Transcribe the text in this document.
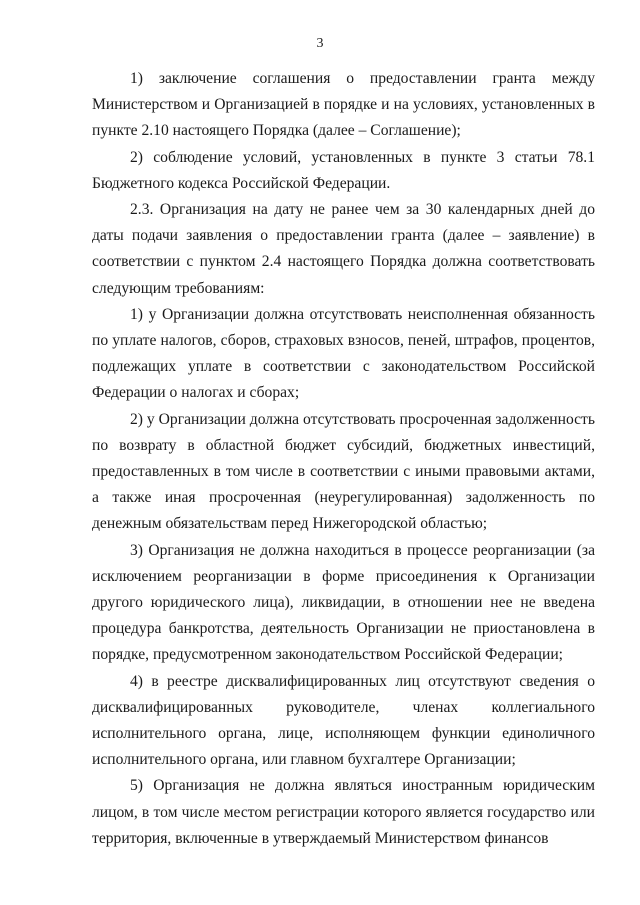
3

1) заключение соглашения о предоставлении гранта между Министерством и Организацией в порядке и на условиях, установленных в пункте 2.10 настоящего Порядка (далее – Соглашение);

2) соблюдение условий, установленных в пункте 3 статьи 78.1 Бюджетного кодекса Российской Федерации.

2.3. Организация на дату не ранее чем за 30 календарных дней до даты подачи заявления о предоставлении гранта (далее – заявление) в соответствии с пунктом 2.4 настоящего Порядка должна соответствовать следующим требованиям:

1) у Организации должна отсутствовать неисполненная обязанность по уплате налогов, сборов, страховых взносов, пеней, штрафов, процентов, подлежащих уплате в соответствии с законодательством Российской Федерации о налогах и сборах;

2) у Организации должна отсутствовать просроченная задолженность по возврату в областной бюджет субсидий, бюджетных инвестиций, предоставленных в том числе в соответствии с иными правовыми актами, а также иная просроченная (неурегулированная) задолженность по денежным обязательствам перед Нижегородской областью;

3) Организация не должна находиться в процессе реорганизации (за исключением реорганизации в форме присоединения к Организации другого юридического лица), ликвидации, в отношении нее не введена процедура банкротства, деятельность Организации не приостановлена в порядке, предусмотренном законодательством Российской Федерации;

4) в реестре дисквалифицированных лиц отсутствуют сведения о дисквалифицированных руководителе, членах коллегиального исполнительного органа, лице, исполняющем функции единоличного исполнительного органа, или главном бухгалтере Организации;

5) Организация не должна являться иностранным юридическим лицом, в том числе местом регистрации которого является государство или территория, включенные в утверждаемый Министерством финансов
